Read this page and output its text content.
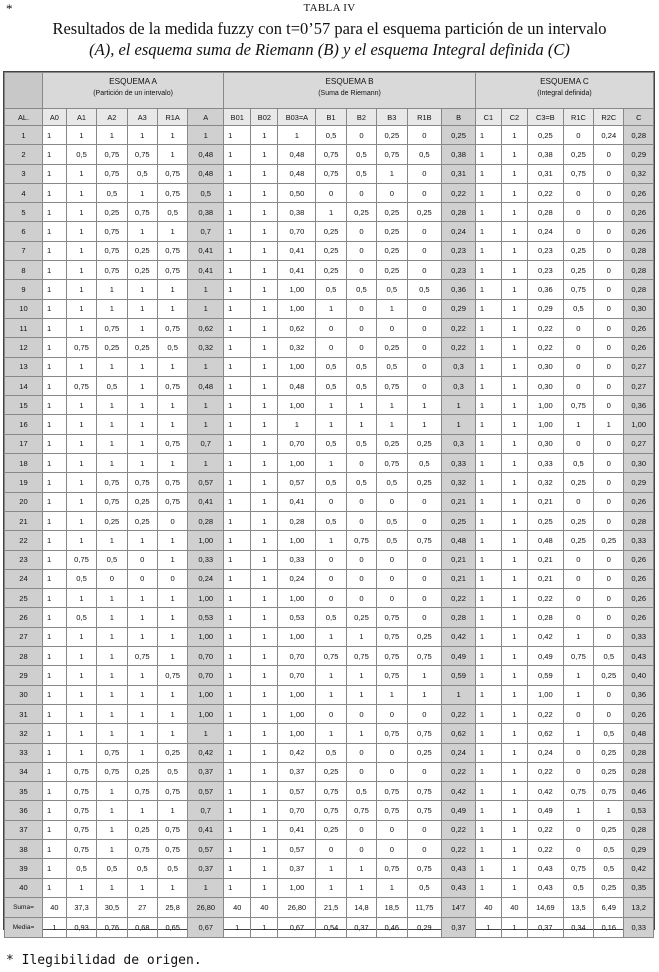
*	TABLA IV
Resultados de la medida fuzzy con t=0’57 para el esquema partición de un intervalo
(A), el esquema suma de Riemann (B) y el esquema Integral definida (C)
	ESQUEMA A
(Partición de un intervalo)						ESQUEMA B
(Suma de Riemann)								ESQUEMA C
(Integral definida)					

AL.	A0	A1	A2	A3	R1A	A	B01	B02	B03=A	B1	B2	B3	R1B	B	C1	C2	C3=B	R1C	R2C	C
1	1	1	1	1	1	1	1	1	1	0,5	0	0,25	0	0,25	1	1	0,25	0	0,24	0,28
2	1	0,5	0,75	0,75	1	0,48	1	1	0,48	0,75	0,5	0,75	0,5	0,38	1	1	0,38	0,25	0	0,29
3	1	1	0,75	0,5	0,75	0,48	1	1	0,48	0,75	0,5	1	0	0,31	1	1	0,31	0,75	0	0,32
4	1	1	0,5	1	0,75	0,5	1	1	0,50	0	0	0	0	0,22	1	1	0,22	0	0	0,26
5	1	1	0,25	0,75	0,5	0,38	1	1	0,38	1	0,25	0,25	0,25	0,28	1	1	0,28	0	0	0,26
6	1	1	0,75	1	1	0,7	1	1	0,70	0,25	0	0,25	0	0,24	1	1	0,24	0	0	0,26
7	1	1	0,75	0,25	0,75	0,41	1	1	0,41	0,25	0	0,25	0	0,23	1	1	0,23	0,25	0	0,28
8	1	1	0,75	0,25	0,75	0,41	1	1	0,41	0,25	0	0,25	0	0,23	1	1	0,23	0,25	0	0,28
9	1	1	1	1	1	1	1	1	1,00	0,5	0,5	0,5	0,5	0,36	1	1	0,36	0,75	0	0,28
10	1	1	1	1	1	1	1	1	1,00	1	0	1	0	0,29	1	1	0,29	0,5	0	0,30
11	1	1	0,75	1	0,75	0,62	1	1	0,62	0	0	0	0	0,22	1	1	0,22	0	0	0,26
12	1	0,75	0,25	0,25	0,5	0,32	1	1	0,32	0	0	0,25	0	0,22	1	1	0,22	0	0	0,26
13	1	1	1	1	1	1	1	1	1,00	0,5	0,5	0,5	0	0,3	1	1	0,30	0	0	0,27
14	1	0,75	0,5	1	0,75	0,48	1	1	0,48	0,5	0,5	0,75	0	0,3	1	1	0,30	0	0	0,27
15	1	1	1	1	1	1	1	1	1,00	1	1	1	1	1	1	1	1,00	0,75	0	0,36
16	1	1	1	1	1	1	1	1	1	1	1	1	1	1	1	1	1,00	1	1	1,00
17	1	1	1	1	0,75	0,7	1	1	0,70	0,5	0,5	0,25	0,25	0,3	1	1	0,30	0	0	0,27
18	1	1	1	1	1	1	1	1	1,00	1	0	0,75	0,5	0,33	1	1	0,33	0,5	0	0,30
19	1	1	0,75	0,75	0,75	0,57	1	1	0,57	0,5	0,5	0,5	0,25	0,32	1	1	0,32	0,25	0	0,29
20	1	1	0,75	0,25	0,75	0,41	1	1	0,41	0	0	0	0	0,21	1	1	0,21	0	0	0,26
21	1	1	0,25	0,25	0	0,28	1	1	0,28	0,5	0	0,5	0	0,25	1	1	0,25	0,25	0	0,28
22	1	1	1	1	1	1,00	1	1	1,00	1	0,75	0,5	0,75	0,48	1	1	0,48	0,25	0,25	0,33
23	1	0,75	0,5	0	1	0,33	1	1	0,33	0	0	0	0	0,21	1	1	0,21	0	0	0,26
24	1	0,5	0	0	0	0,24	1	1	0,24	0	0	0	0	0,21	1	1	0,21	0	0	0,26
25	1	1	1	1	1	1,00	1	1	1,00	0	0	0	0	0,22	1	1	0,22	0	0	0,26
26	1	0,5	1	1	1	0,53	1	1	0,53	0,5	0,25	0,75	0	0,28	1	1	0,28	0	0	0,26
27	1	1	1	1	1	1,00	1	1	1,00	1	1	0,75	0,25	0,42	1	1	0,42	1	0	0,33
28	1	1	1	0,75	1	0,70	1	1	0,70	0,75	0,75	0,75	0,75	0,49	1	1	0,49	0,75	0,5	0,43
29	1	1	1	1	0,75	0,70	1	1	0,70	1	1	0,75	1	0,59	1	1	0,59	1	0,25	0,40
30	1	1	1	1	1	1,00	1	1	1,00	1	1	1	1	1	1	1	1,00	1	0	0,36
31	1	1	1	1	1	1,00	1	1	1,00	0	0	0	0	0,22	1	1	0,22	0	0	0,26
32	1	1	1	1	1	1	1	1	1,00	1	1	0,75	0,75	0,62	1	1	0,62	1	0,5	0,48
33	1	1	0,75	1	0,25	0,42	1	1	0,42	0,5	0	0	0,25	0,24	1	1	0,24	0	0,25	0,28
34	1	0,75	0,75	0,25	0,5	0,37	1	1	0,37	0,25	0	0	0	0,22	1	1	0,22	0	0,25	0,28
35	1	0,75	1	0,75	0,75	0,57	1	1	0,57	0,75	0,5	0,75	0,75	0,42	1	1	0,42	0,75	0,75	0,46
36	1	0,75	1	1	1	0,7	1	1	0,70	0,75	0,75	0,75	0,75	0,49	1	1	0,49	1	1	0,53
37	1	0,75	1	0,25	0,75	0,41	1	1	0,41	0,25	0	0	0	0,22	1	1	0,22	0	0,25	0,28
38	1	0,75	1	0,75	0,75	0,57	1	1	0,57	0	0	0	0	0,22	1	1	0,22	0	0,5	0,29
39	1	0,5	0,5	0,5	0,5	0,37	1	1	0,37	1	1	0,75	0,75	0,43	1	1	0,43	0,75	0,5	0,42
40	1	1	1	1	1	1	1	1	1,00	1	1	1	0,5	0,43	1	1	0,43	0,5	0,25	0,35
Suma=	40	37,3	30,5	27	25,8	26,80	40	40	26,80	21,5	14,8	18,5	11,75	14'7	40	40	14,69	13,5	6,49	13,2
Media=	1	0,93	0,76	0,68	0,65	0,67	1	1	0,67	0,54	0,37	0,46	0,29	0,37	1	1	0,37	0,34	0,16	0,33
* Ilegibilidad de origen.
